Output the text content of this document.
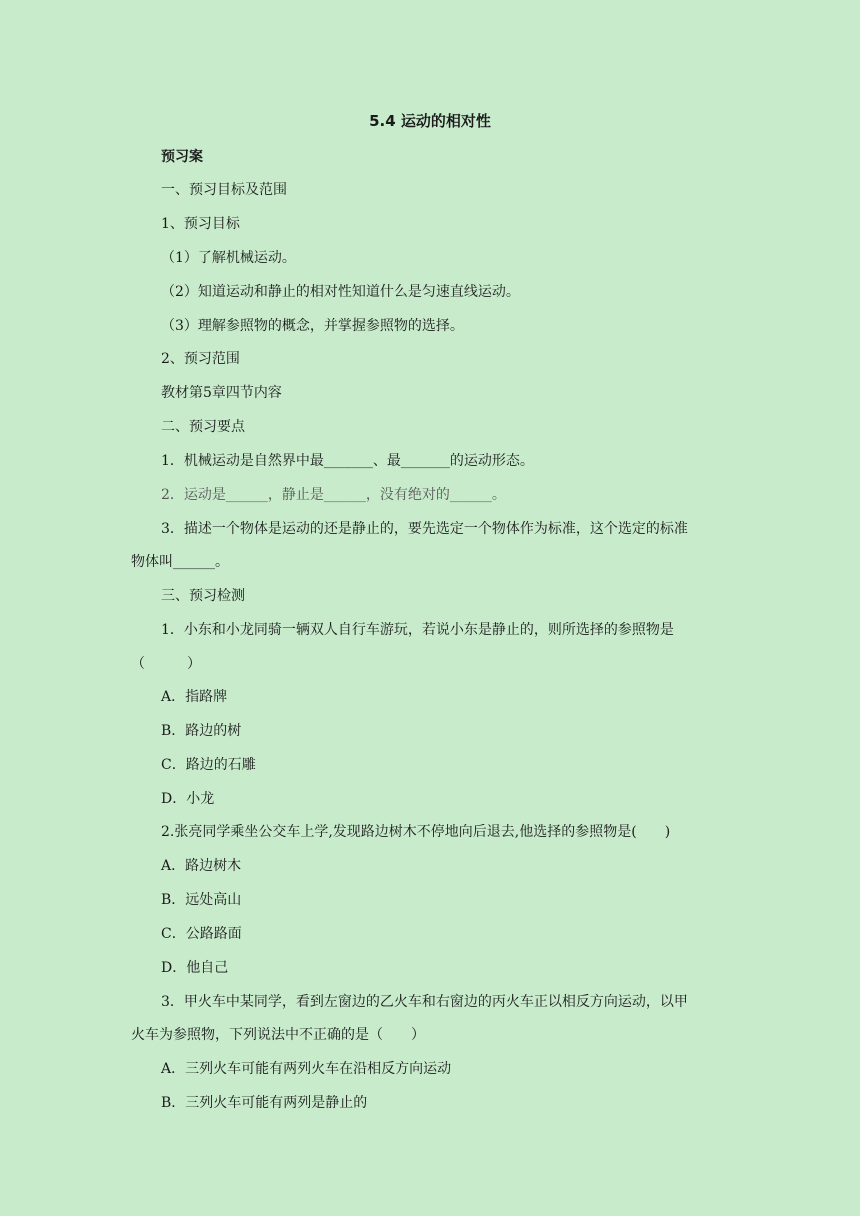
5.4 运动的相对性
预习案
一、预习目标及范围
1、预习目标
（1）了解机械运动。
（2）知道运动和静止的相对性知道什么是匀速直线运动。
（3）理解参照物的概念，并掌握参照物的选择。
2、预习范围
教材第5章四节内容
二、预习要点
1．机械运动是自然界中最_______、最_______的运动形态。
2．运动是______，静止是______，没有绝对的______。
3．描述一个物体是运动的还是静止的，要先选定一个物体作为标准，这个选定的标准
物体叫______。
三、预习检测
1．小东和小龙同骑一辆双人自行车游玩，若说小东是静止的，则所选择的参照物是
（　　　）
A．指路牌
B．路边的树
C．路边的石雕
D．小龙
2.张亮同学乘坐公交车上学,发现路边树木不停地向后退去,他选择的参照物是(　　)
A．路边树木
B．远处高山
C．公路路面
D．他自己
3．甲火车中某同学，看到左窗边的乙火车和右窗边的丙火车正以相反方向运动，以甲
火车为参照物，下列说法中不正确的是（　　）
A．三列火车可能有两列火车在沿相反方向运动
B．三列火车可能有两列是静止的
